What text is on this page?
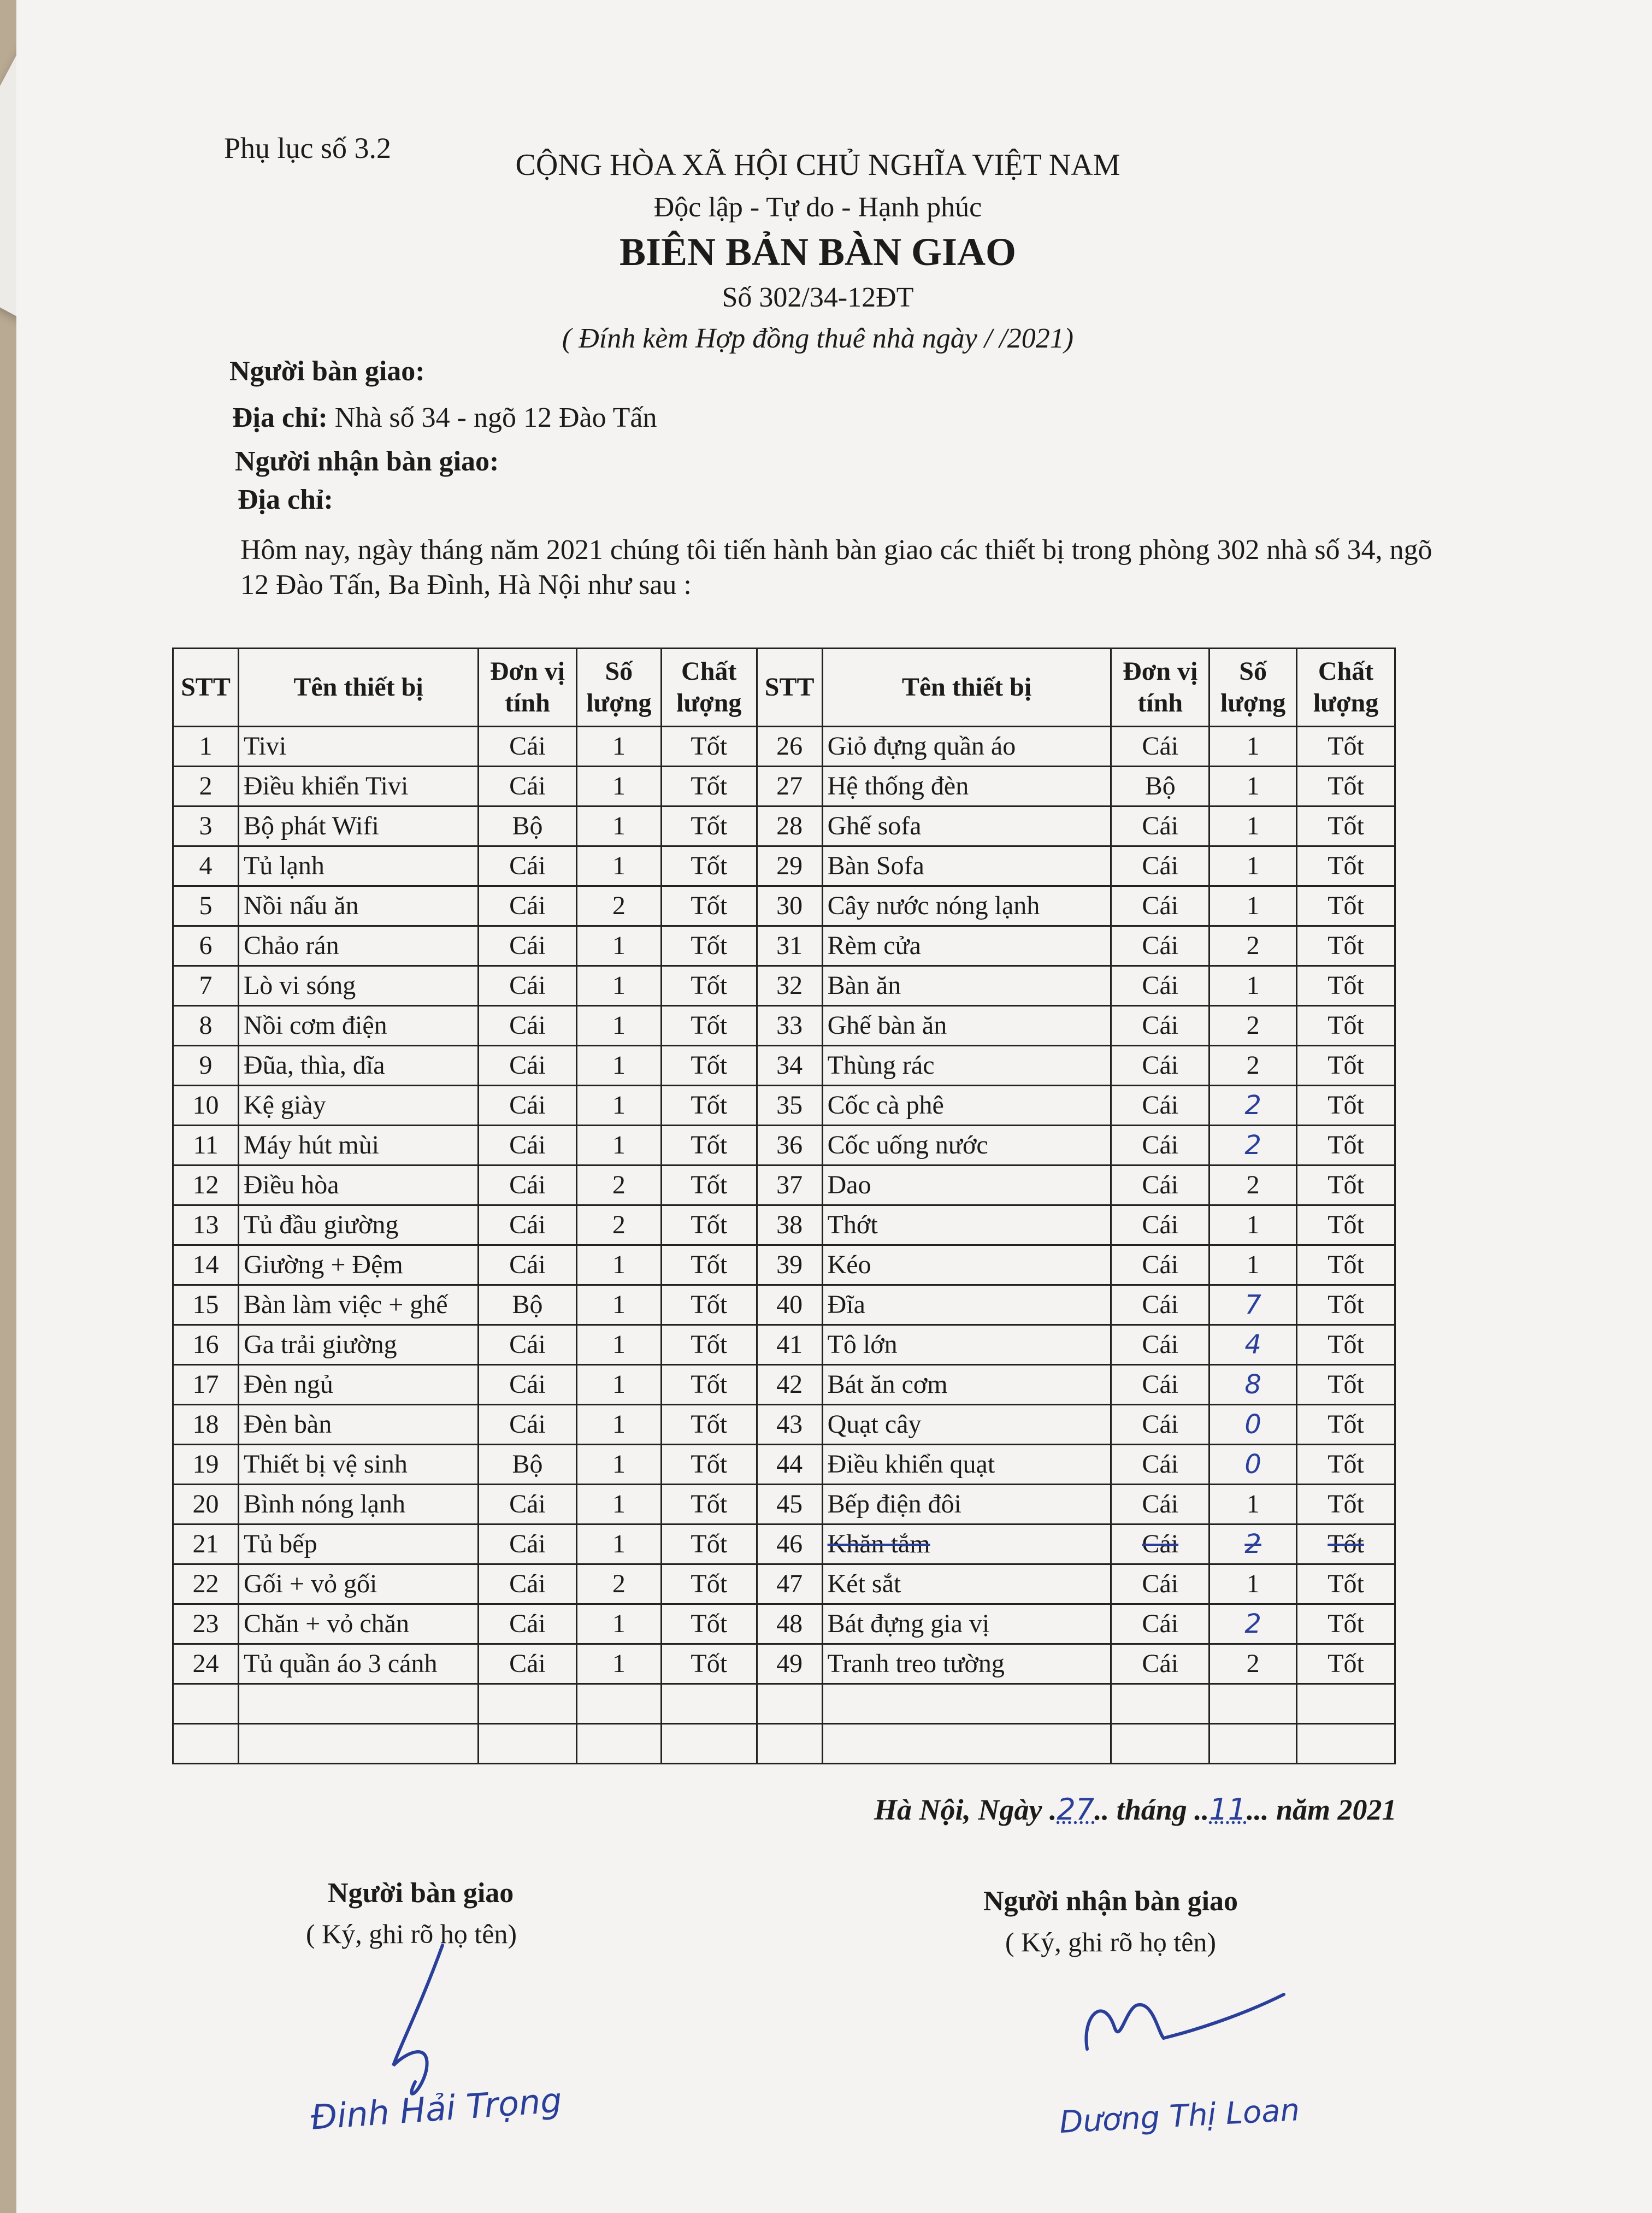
Phụ lục số 3.2	CỘNG HÒA XÃ HỘI CHỦ NGHĨA VIỆT NAM
Độc lập - Tự do - Hạnh phúc
BIÊN BẢN BÀN GIAO
Số 302/34-12ĐT
( Đính kèm Hợp đồng thuê nhà ngày / /2021)
Người bàn giao:
Địa chỉ: Nhà số 34 - ngõ 12 Đào Tấn
Người nhận bàn giao:
Địa chỉ:
Hôm nay, ngày tháng năm 2021 chúng tôi tiến hành bàn giao các thiết bị trong phòng 302 nhà số 34, ngõ 12 Đào Tấn, Ba Đình, Hà Nội như sau :
STT	Tên thiết bị	Đơn vị tính	Số lượng	Chất lượng	STT	Tên thiết bị	Đơn vị tính	Số lượng	Chất lượng
1	Tivi	Cái	1	Tốt	26	Giỏ đựng quần áo	Cái	1	Tốt
2	Điều khiển Tivi	Cái	1	Tốt	27	Hệ thống đèn	Bộ	1	Tốt
3	Bộ phát Wifi	Bộ	1	Tốt	28	Ghế sofa	Cái	1	Tốt
4	Tủ lạnh	Cái	1	Tốt	29	Bàn Sofa	Cái	1	Tốt
5	Nồi nấu ăn	Cái	2	Tốt	30	Cây nước nóng lạnh	Cái	1	Tốt
6	Chảo rán	Cái	1	Tốt	31	Rèm cửa	Cái	2	Tốt
7	Lò vi sóng	Cái	1	Tốt	32	Bàn ăn	Cái	1	Tốt
8	Nồi cơm điện	Cái	1	Tốt	33	Ghế bàn ăn	Cái	2	Tốt
9	Đũa, thìa, dĩa	Cái	1	Tốt	34	Thùng rác	Cái	2	Tốt
10	Kệ giày	Cái	1	Tốt	35	Cốc cà phê	Cái	2	Tốt
11	Máy hút mùi	Cái	1	Tốt	36	Cốc uống nước	Cái	2	Tốt
12	Điều hòa	Cái	2	Tốt	37	Dao	Cái	2	Tốt
13	Tủ đầu giường	Cái	2	Tốt	38	Thớt	Cái	1	Tốt
14	Giường + Đệm	Cái	1	Tốt	39	Kéo	Cái	1	Tốt
15	Bàn làm việc + ghế	Bộ	1	Tốt	40	Đĩa	Cái	7	Tốt
16	Ga trải giường	Cái	1	Tốt	41	Tô lớn	Cái	4	Tốt
17	Đèn ngủ	Cái	1	Tốt	42	Bát ăn cơm	Cái	8	Tốt
18	Đèn bàn	Cái	1	Tốt	43	Quạt cây	Cái	0	Tốt
19	Thiết bị vệ sinh	Bộ	1	Tốt	44	Điều khiển quạt	Cái	0	Tốt
20	Bình nóng lạnh	Cái	1	Tốt	45	Bếp điện đôi	Cái	1	Tốt
21	Tủ bếp	Cái	1	Tốt	46	Khăn tắm	Cái	2	Tốt
22	Gối + vỏ gối	Cái	2	Tốt	47	Két sắt	Cái	1	Tốt
23	Chăn + vỏ chăn	Cái	1	Tốt	48	Bát đựng gia vị	Cái	2	Tốt
24	Tủ quần áo 3 cánh	Cái	1	Tốt	49	Tranh treo tường	Cái	2	Tốt

Hà Nội, Ngày .27.. tháng ..11... năm 2021
Người bàn giao
( Ký, ghi rõ họ tên)
Người nhận bàn giao
( Ký, ghi rõ họ tên)
Đinh Hải Trọng	Dương Thị Loan
